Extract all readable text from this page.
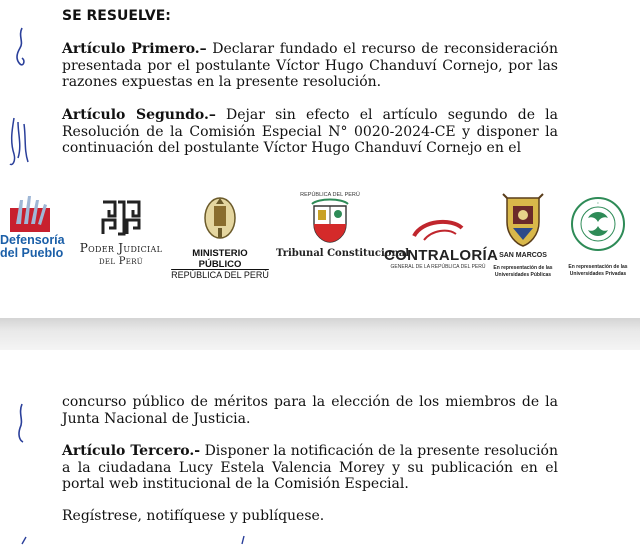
SE RESUELVE:
Artículo Primero.– Declarar fundado el recurso de reconsideración presentada por el postulante Víctor Hugo Chanduví Cornejo, por las razones expuestas en la presente resolución.
Artículo Segundo.– Dejar sin efecto el artículo segundo de la Resolución de la Comisión Especial N° 0020-2024-CE y disponer la continuación del postulante Víctor Hugo Chanduví Cornejo en el
Defensoría
del Pueblo	Poder Judicial
del Perú
MINISTERIO PÚBLICO
REPÚBLICA DEL PERÚ
REPÚBLICA DEL PERÚ
Tribunal Constitucional
CONTRALORÍA
GENERAL DE LA REPÚBLICA DEL PERÚ
SAN MARCOS
En representación de las
Universidades Públicas
•
En representación de las
Universidades Privadas
concurso público de méritos para la elección de los miembros de la Junta Nacional de Justicia.
Artículo Tercero.- Disponer la notificación de la presente resolución a la ciudadana Lucy Estela Valencia Morey y su publicación en el portal web institucional de la Comisión Especial.
Regístrese, notifíquese y publíquese.
